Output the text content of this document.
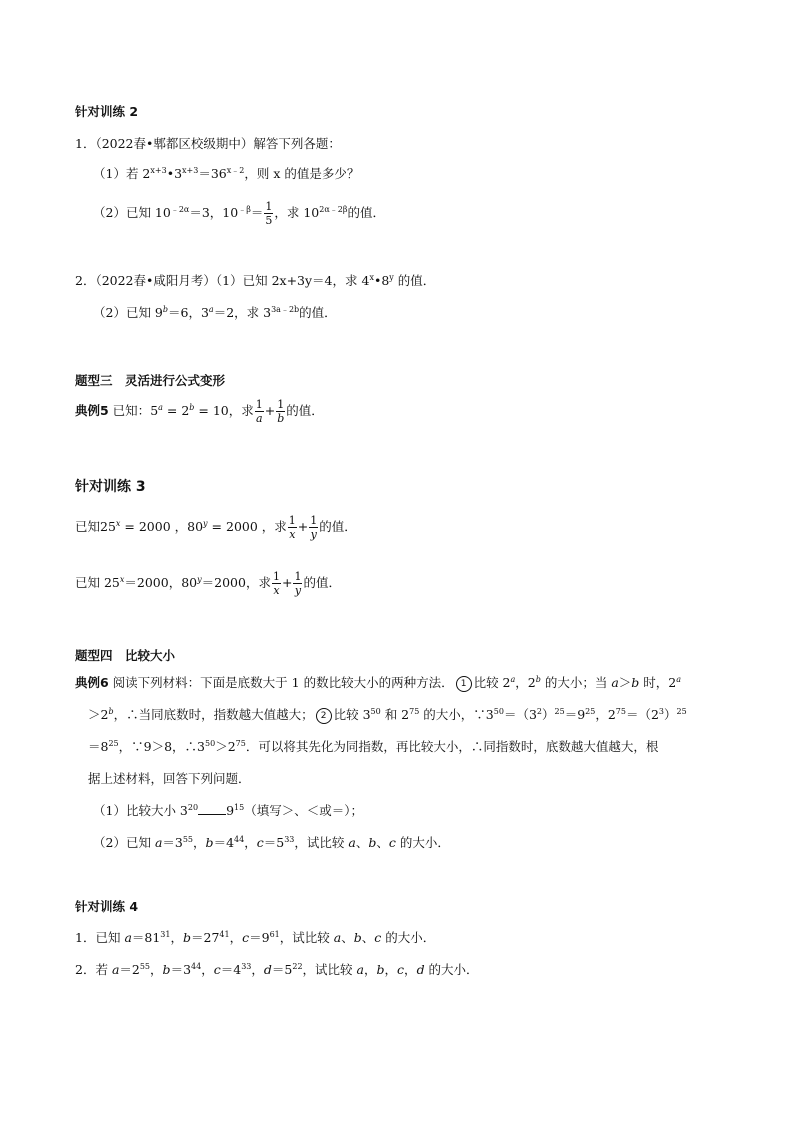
针对训练 2
1．（2022春•郫都区校级期中）解答下列各题：
（1）若 $2^{x+3}•3^{x+3}=36^{x﹣2}$，则 x 的值是多少？
（2）已知 $10^{﹣2\alpha}=3$，$10^{﹣\beta}= \frac{1}{5}$ ，求 $10^{2\alpha﹣2\beta}$的值．
2．（2022春•咸阳月考）（1）已知 2x+3y＝4，求 4$^x$•8$^y$ 的值．
（2）已知 $9^b=6$，$3^a=2$，求 $3^{3a﹣2b}$的值．
题型三　灵活进行公式变形
典例5 已知：$5^a = 2^b = 10$，求 $\frac{1}{a} + \frac{1}{b}$ 的值．
针对训练 3
已知$25^x = 2000$ ，$80^y = 2000$ ，求 $\frac{1}{x} + \frac{1}{y}$ 的值．
已知 $25^x=2000$，$80^y=2000$，求 $\frac{1}{x} + \frac{1}{y}$ 的值．
题型四　比较大小
典例6 阅读下列材料：下面是底数大于 1 的数比较大小的两种方法． 1 比较 2$^a$，2$^b$ 的大小；当 a＞b 时，$2^a$
$>2^b$，∴当同底数时，指数越大值越大； 2 比较 $3^{50}$ 和 $2^{75}$ 的大小，$\because 3^{50}=(3^2)^{25}=9^{25}$，$2^{75}=(2^3)^{25}$
$=8^{25}$，∵9＞8，$\therefore 3^{50}>2^{75}$．可以将其先化为同指数，再比较大小，∴同指数时，底数越大值越大，根
据上述材料，回答下列问题．
（1）比较大小 $3^{20}$ $9^{15}$（填写＞、＜或＝）；
（2）已知 $a=3^{55}$，$b=4^{44}$，$c=5^{33}$，试比较 a、b、c 的大小．
针对训练 4
1．已知 $a=81^{31}$，$b=27^{41}$，$c=9^{61}$，试比较 a、b、c 的大小．
2．若 $a=2^{55}$，$b=3^{44}$，$c=4^{33}$，$d=5^{22}$，试比较 a，b，c，d 的大小．
